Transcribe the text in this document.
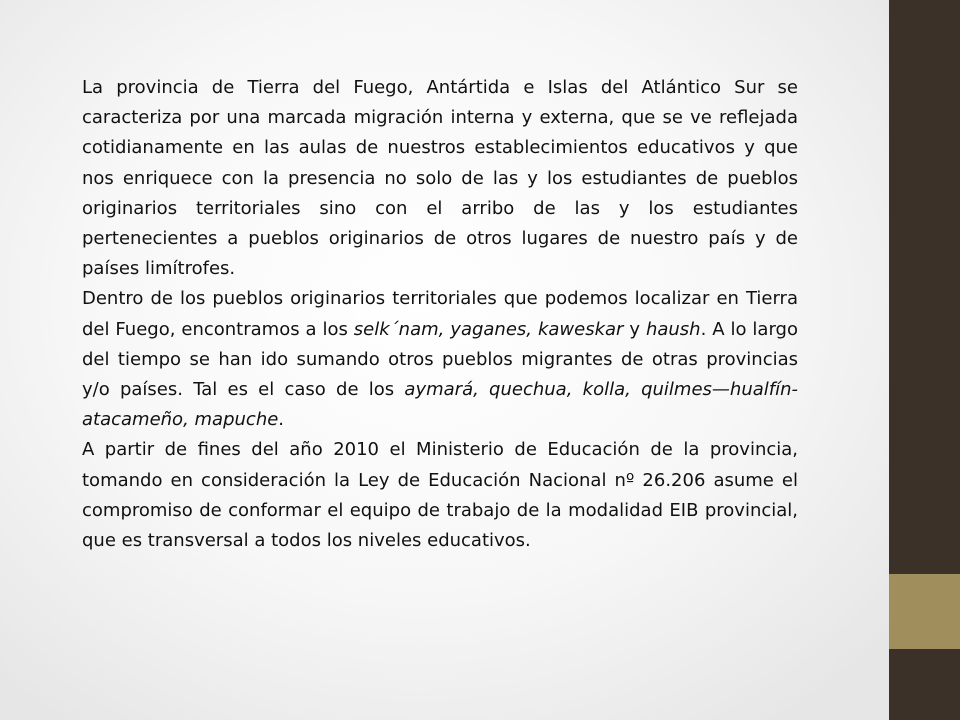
La provincia de Tierra del Fuego, Antártida e Islas del Atlántico Sur se caracteriza por una marcada migración interna y externa, que se ve reflejada cotidianamente en las aulas de nuestros establecimientos educativos y que nos enriquece con la presencia no solo de las y los estudiantes de pueblos originarios territoriales sino con el arribo de las y los estudiantes pertenecientes a pueblos originarios de otros lugares de nuestro país y de países limítrofes.

Dentro de los pueblos originarios territoriales que podemos localizar en Tierra del Fuego, encontramos a los selk´nam, yaganes, kaweskar y haush. A lo largo del tiempo se han ido sumando otros pueblos migrantes de otras provincias y/o países. Tal es el caso de los aymará, quechua, kolla, quilmes—hualfín-atacameño, mapuche.

A partir de fines del año 2010 el Ministerio de Educación de la provincia, tomando en consideración la Ley de Educación Nacional nº 26.206 asume el compromiso de conformar el equipo de trabajo de la modalidad EIB provincial, que es transversal a todos los niveles educativos.
